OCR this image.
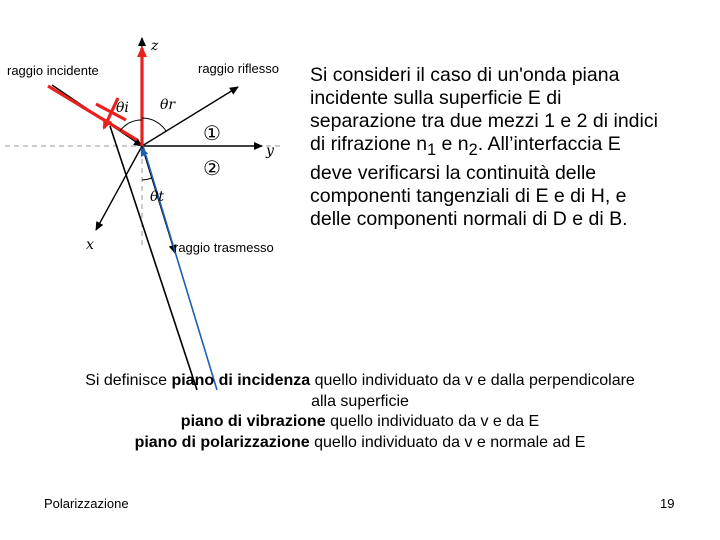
raggio incidente	raggio riflesso
raggio trasmesso
z
y
x
θi θr
θt
①
②
Si consideri il caso di un'onda piana incidente sulla superficie E di separazione tra due mezzi 1 e 2 di indici di rifrazione $n_1$ e $n_2$. All’interfaccia E deve verificarsi la continuità delle componenti tangenziali di E e di H, e delle componenti normali di D e di B.
Si definisce piano di incidenza quello individuato da v e dalla perpendicolare
alla superficie
piano di vibrazione quello individuato da v e da E
piano di polarizzazione quello individuato da v e normale ad E
Polarizzazione	19
